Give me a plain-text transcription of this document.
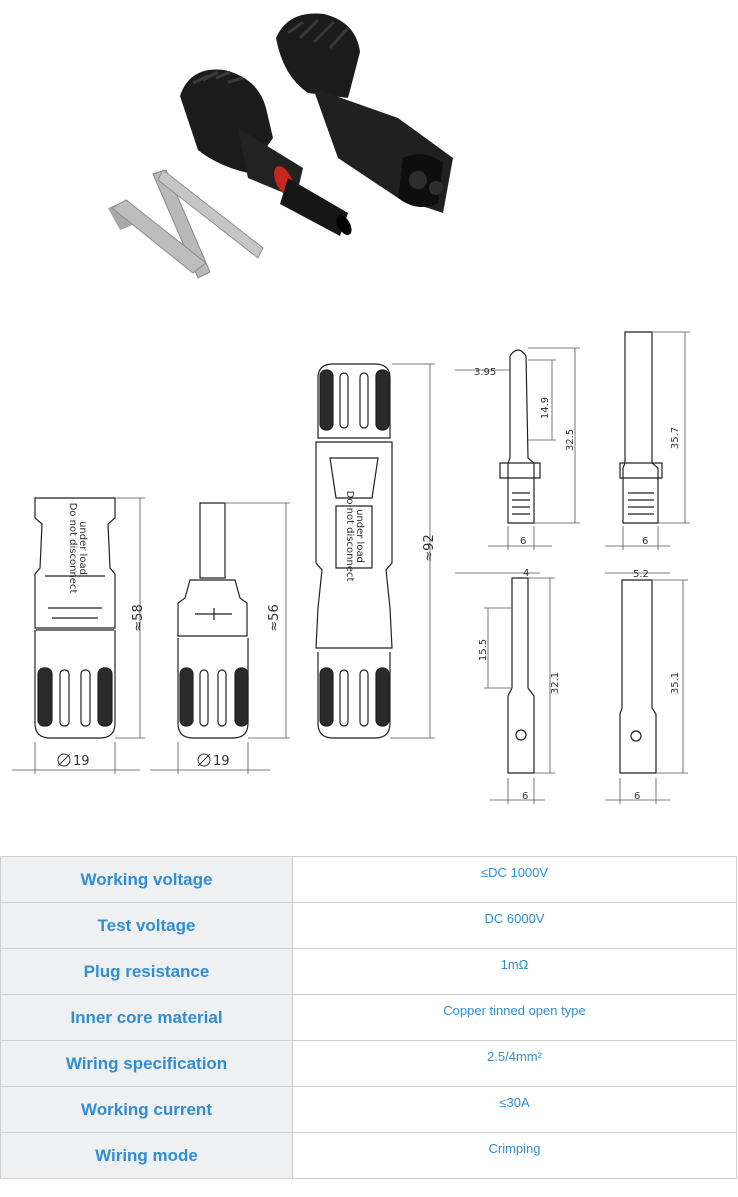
≈58	≈56
≈92
19	19
3.95
14.9
32.5
6
35.7
6
4
15.5
32.1
6
5.2
35.1
6
Do not disconnect under load	Do not disconnect under load
Working voltage	≤DC 1000V
Test voltage	DC 6000V
Plug resistance	1mΩ
Inner core material	Copper tinned open type
Wiring specification	2.5/4mm²
Working current	≤30A
Wiring mode	Crimping
